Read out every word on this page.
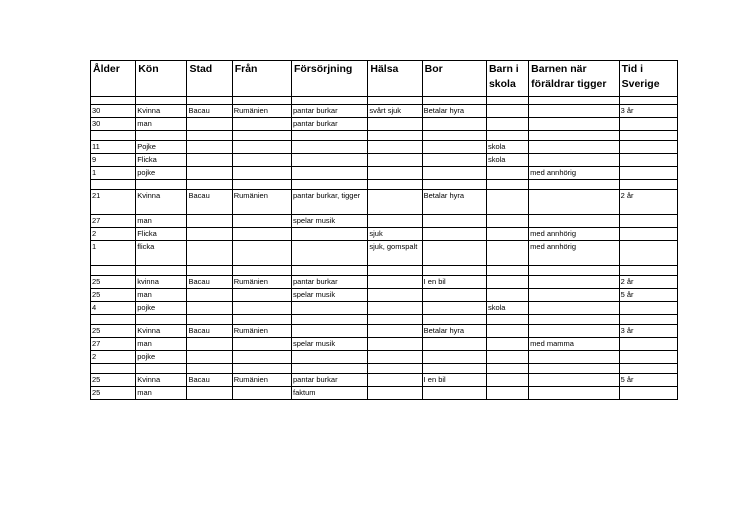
Ålder	Kön	Stad	Från	Försörjning	Hälsa	Bor	Barn i skola	Barnen när föräldrar tigger	Tid i Sverige

30	Kvinna	Bacau	Rumänien	pantar burkar	svårt sjuk	Betalar hyra			3 år
30	man			pantar burkar					

11	Pojke						skola		
9	Flicka						skola		
1	pojke							med annhörig	

21	Kvinna	Bacau	Rumänien	pantar burkar, tigger		Betalar hyra			2 år
27	man			spelar musik					
2	Flicka				sjuk			med annhörig	
1	flicka				sjuk, gomspalt			med annhörig	

25	kvinna	Bacau	Rumänien	pantar burkar		I en bil			2 år
25	man			spelar musik					5 år
4	pojke						skola		

25	Kvinna	Bacau	Rumänien			Betalar hyra			3 år
27	man			spelar musik				med mamma	
2	pojke								

25	Kvinna	Bacau	Rumänien	pantar burkar		I en bil			5 år
25	man			faktum					
